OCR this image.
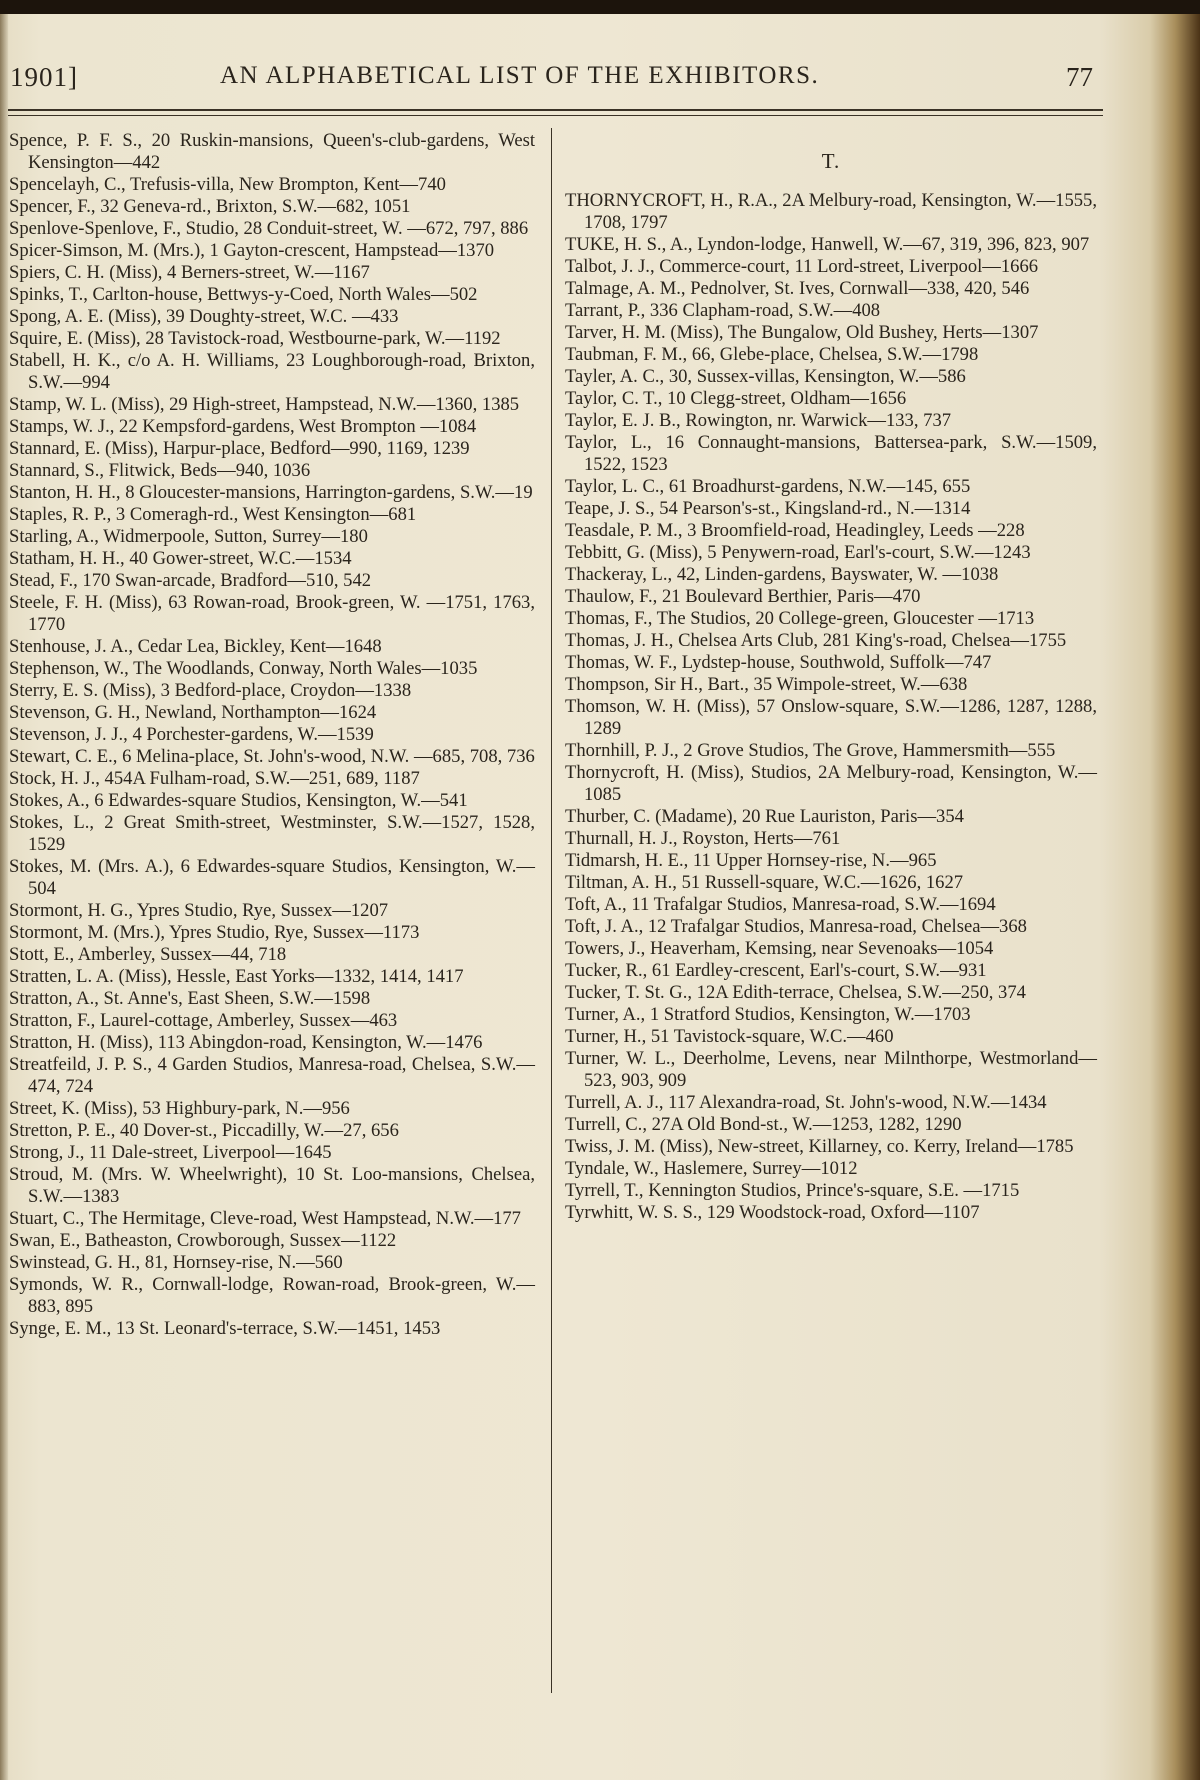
1901]	AN ALPHABETICAL LIST OF THE EXHIBITORS.	77

Spence, P. F. S., 20 Ruskin-mansions, Queen's-club-gardens, West Kensington—442

Spencelayh, C., Trefusis-villa, New Brompton, Kent—740

Spencer, F., 32 Geneva-rd., Brixton, S.W.—682, 1051

Spenlove-Spenlove, F., Studio, 28 Conduit-street, W. —672, 797, 886

Spicer-Simson, M. (Mrs.), 1 Gayton-crescent, Hampstead—1370

Spiers, C. H. (Miss), 4 Berners-street, W.—1167

Spinks, T., Carlton-house, Bettwys-y-Coed, North Wales—502

Spong, A. E. (Miss), 39 Doughty-street, W.C. —433

Squire, E. (Miss), 28 Tavistock-road, Westbourne-park, W.—1192

Stabell, H. K., c/o A. H. Williams, 23 Loughborough-road, Brixton, S.W.—994

Stamp, W. L. (Miss), 29 High-street, Hampstead, N.W.—1360, 1385

Stamps, W. J., 22 Kempsford-gardens, West Brompton —1084

Stannard, E. (Miss), Harpur-place, Bedford—990, 1169, 1239

Stannard, S., Flitwick, Beds—940, 1036

Stanton, H. H., 8 Gloucester-mansions, Harrington-gardens, S.W.—19

Staples, R. P., 3 Comeragh-rd., West Kensington—681

Starling, A., Widmerpoole, Sutton, Surrey—180

Statham, H. H., 40 Gower-street, W.C.—1534

Stead, F., 170 Swan-arcade, Bradford—510, 542

Steele, F. H. (Miss), 63 Rowan-road, Brook-green, W. —1751, 1763, 1770

Stenhouse, J. A., Cedar Lea, Bickley, Kent—1648

Stephenson, W., The Woodlands, Conway, North Wales—1035

Sterry, E. S. (Miss), 3 Bedford-place, Croydon—1338

Stevenson, G. H., Newland, Northampton—1624

Stevenson, J. J., 4 Porchester-gardens, W.—1539

Stewart, C. E., 6 Melina-place, St. John's-wood, N.W. —685, 708, 736

Stock, H. J., 454A Fulham-road, S.W.—251, 689, 1187

Stokes, A., 6 Edwardes-square Studios, Kensington, W.—541

Stokes, L., 2 Great Smith-street, Westminster, S.W.—1527, 1528, 1529

Stokes, M. (Mrs. A.), 6 Edwardes-square Studios, Kensington, W.—504

Stormont, H. G., Ypres Studio, Rye, Sussex—1207

Stormont, M. (Mrs.), Ypres Studio, Rye, Sussex—1173

Stott, E., Amberley, Sussex—44, 718

Stratten, L. A. (Miss), Hessle, East Yorks—1332, 1414, 1417

Stratton, A., St. Anne's, East Sheen, S.W.—1598

Stratton, F., Laurel-cottage, Amberley, Sussex—463

Stratton, H. (Miss), 113 Abingdon-road, Kensington, W.—1476

Streatfeild, J. P. S., 4 Garden Studios, Manresa-road, Chelsea, S.W.—474, 724

Street, K. (Miss), 53 Highbury-park, N.—956

Stretton, P. E., 40 Dover-st., Piccadilly, W.—27, 656

Strong, J., 11 Dale-street, Liverpool—1645

Stroud, M. (Mrs. W. Wheelwright), 10 St. Loo-mansions, Chelsea, S.W.—1383

Stuart, C., The Hermitage, Cleve-road, West Hampstead, N.W.—177

Swan, E., Batheaston, Crowborough, Sussex—1122

Swinstead, G. H., 81, Hornsey-rise, N.—560

Symonds, W. R., Cornwall-lodge, Rowan-road, Brook-green, W.—883, 895

Synge, E. M., 13 St. Leonard's-terrace, S.W.—1451, 1453

T.

THORNYCROFT, H., R.A., 2A Melbury-road, Kensington, W.—1555, 1708, 1797

TUKE, H. S., A., Lyndon-lodge, Hanwell, W.—67, 319, 396, 823, 907

Talbot, J. J., Commerce-court, 11 Lord-street, Liverpool—1666

Talmage, A. M., Pednolver, St. Ives, Cornwall—338, 420, 546

Tarrant, P., 336 Clapham-road, S.W.—408

Tarver, H. M. (Miss), The Bungalow, Old Bushey, Herts—1307

Taubman, F. M., 66, Glebe-place, Chelsea, S.W.—1798

Tayler, A. C., 30, Sussex-villas, Kensington, W.—586

Taylor, C. T., 10 Clegg-street, Oldham—1656

Taylor, E. J. B., Rowington, nr. Warwick—133, 737

Taylor, L., 16 Connaught-mansions, Battersea-park, S.W.—1509, 1522, 1523

Taylor, L. C., 61 Broadhurst-gardens, N.W.—145, 655

Teape, J. S., 54 Pearson's-st., Kingsland-rd., N.—1314

Teasdale, P. M., 3 Broomfield-road, Headingley, Leeds —228

Tebbitt, G. (Miss), 5 Penywern-road, Earl's-court, S.W.—1243

Thackeray, L., 42, Linden-gardens, Bayswater, W. —1038

Thaulow, F., 21 Boulevard Berthier, Paris—470

Thomas, F., The Studios, 20 College-green, Gloucester —1713

Thomas, J. H., Chelsea Arts Club, 281 King's-road, Chelsea—1755

Thomas, W. F., Lydstep-house, Southwold, Suffolk—747

Thompson, Sir H., Bart., 35 Wimpole-street, W.—638

Thomson, W. H. (Miss), 57 Onslow-square, S.W.—1286, 1287, 1288, 1289

Thornhill, P. J., 2 Grove Studios, The Grove, Hammersmith—555

Thornycroft, H. (Miss), Studios, 2A Melbury-road, Kensington, W.—1085

Thurber, C. (Madame), 20 Rue Lauriston, Paris—354

Thurnall, H. J., Royston, Herts—761

Tidmarsh, H. E., 11 Upper Hornsey-rise, N.—965

Tiltman, A. H., 51 Russell-square, W.C.—1626, 1627

Toft, A., 11 Trafalgar Studios, Manresa-road, S.W.—1694

Toft, J. A., 12 Trafalgar Studios, Manresa-road, Chelsea—368

Towers, J., Heaverham, Kemsing, near Sevenoaks—1054

Tucker, R., 61 Eardley-crescent, Earl's-court, S.W.—931

Tucker, T. St. G., 12A Edith-terrace, Chelsea, S.W.—250, 374

Turner, A., 1 Stratford Studios, Kensington, W.—1703

Turner, H., 51 Tavistock-square, W.C.—460

Turner, W. L., Deerholme, Levens, near Milnthorpe, Westmorland—523, 903, 909

Turrell, A. J., 117 Alexandra-road, St. John's-wood, N.W.—1434

Turrell, C., 27A Old Bond-st., W.—1253, 1282, 1290

Twiss, J. M. (Miss), New-street, Killarney, co. Kerry, Ireland—1785

Tyndale, W., Haslemere, Surrey—1012

Tyrrell, T., Kennington Studios, Prince's-square, S.E. —1715

Tyrwhitt, W. S. S., 129 Woodstock-road, Oxford—1107
